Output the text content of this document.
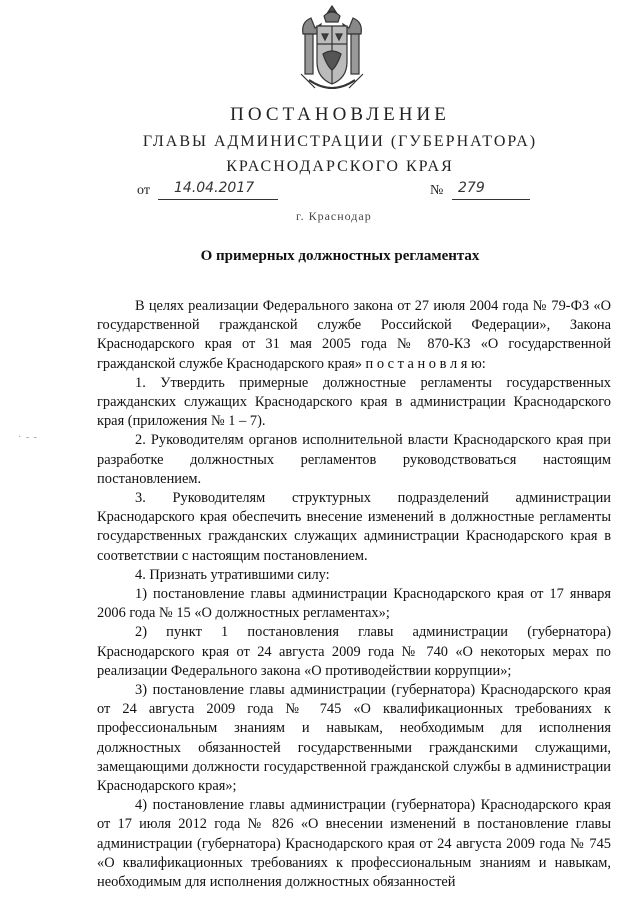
ПОСТАНОВЛЕНИЕ
ГЛАВЫ АДМИНИСТРАЦИИ (ГУБЕРНАТОРА)
КРАСНОДАРСКОГО КРАЯ
от 14.04.2017	№ 279
г. Краснодар
· - -
О примерных должностных регламентах

В целях реализации Федерального закона от 27 июля 2004 года № 79-ФЗ «О государственной гражданской службе Российской Федерации», Закона Краснодарского края от 31 мая 2005 года № 870-КЗ «О государственной гражданской службе Краснодарского края» п о с т а н о в л я ю:

1. Утвердить примерные должностные регламенты государственных гражданских служащих Краснодарского края в администрации Краснодарского края (приложения № 1 – 7).

2. Руководителям органов исполнительной власти Краснодарского края при разработке должностных регламентов руководствоваться настоящим постановлением.

3. Руководителям структурных подразделений администрации Краснодарского края обеспечить внесение изменений в должностные регламенты государственных гражданских служащих администрации Краснодарского края в соответствии с настоящим постановлением.

4. Признать утратившими силу:

1) постановление главы администрации Краснодарского края от 17 января 2006 года № 15 «О должностных регламентах»;

2) пункт 1 постановления главы администрации (губернатора) Краснодарского края от 24 августа 2009 года № 740 «О некоторых мерах по реализации Федерального закона «О противодействии коррупции»;

3) постановление главы администрации (губернатора) Краснодарского края от 24 августа 2009 года № 745 «О квалификационных требованиях к профессиональным знаниям и навыкам, необходимым для исполнения должностных обязанностей государственными гражданскими служащими, замещающими должности государственной гражданской службы в администрации Краснодарского края»;

4) постановление главы администрации (губернатора) Краснодарского края от 17 июля 2012 года № 826 «О внесении изменений в постановление главы администрации (губернатора) Краснодарского края от 24 августа 2009 года № 745 «О квалификационных требованиях к профессиональным знаниям и навыкам, необходимым для исполнения должностных обязанностей
